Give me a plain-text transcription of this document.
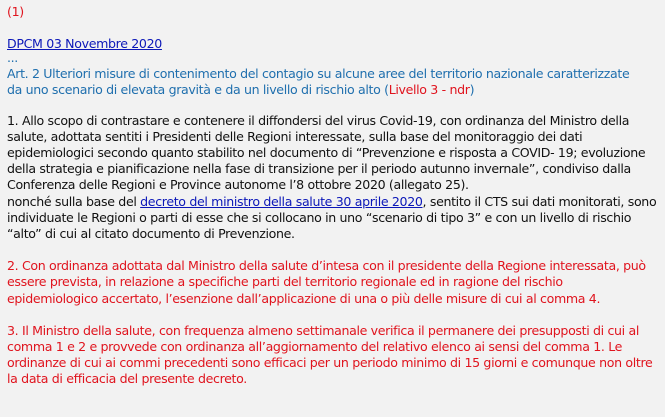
(1)
DPCM 03 Novembre 2020
...
Art. 2 Ulteriori misure di contenimento del contagio su alcune aree del territorio nazionale caratterizzate
da uno scenario di elevata gravità e da un livello di rischio alto (Livello 3 - ndr)

1. Allo scopo di contrastare e contenere il diffondersi del virus Covid-19, con ordinanza del Ministro della salute, adottata sentiti i Presidenti delle Regioni interessate, sulla base del monitoraggio dei dati epidemiologici secondo quanto stabilito nel documento di “Prevenzione e risposta a COVID- 19; evoluzione della strategia e pianificazione nella fase di transizione per il periodo autunno invernale”, condiviso dalla Conferenza delle Regioni e Province autonome l’8 ottobre 2020 (allegato 25).
nonché sulla base del decreto del ministro della salute 30 aprile 2020, sentito il CTS sui dati monitorati, sono individuate le Regioni o parti di esse che si collocano in uno “scenario di tipo 3” e con un livello di rischio “alto” di cui al citato documento di Prevenzione.

2. Con ordinanza adottata dal Ministro della salute d’intesa con il presidente della Regione interessata, può essere prevista, in relazione a specifiche parti del territorio regionale ed in ragione del rischio epidemiologico accertato, l’esenzione dall’applicazione di una o più delle misure di cui al comma 4.

3. Il Ministro della salute, con frequenza almeno settimanale verifica il permanere dei presupposti di cui al comma 1 e 2 e provvede con ordinanza all’aggiornamento del relativo elenco ai sensi del comma 1. Le ordinanze di cui ai commi precedenti sono efficaci per un periodo minimo di 15 giorni e comunque non oltre la data di efficacia del presente decreto.
